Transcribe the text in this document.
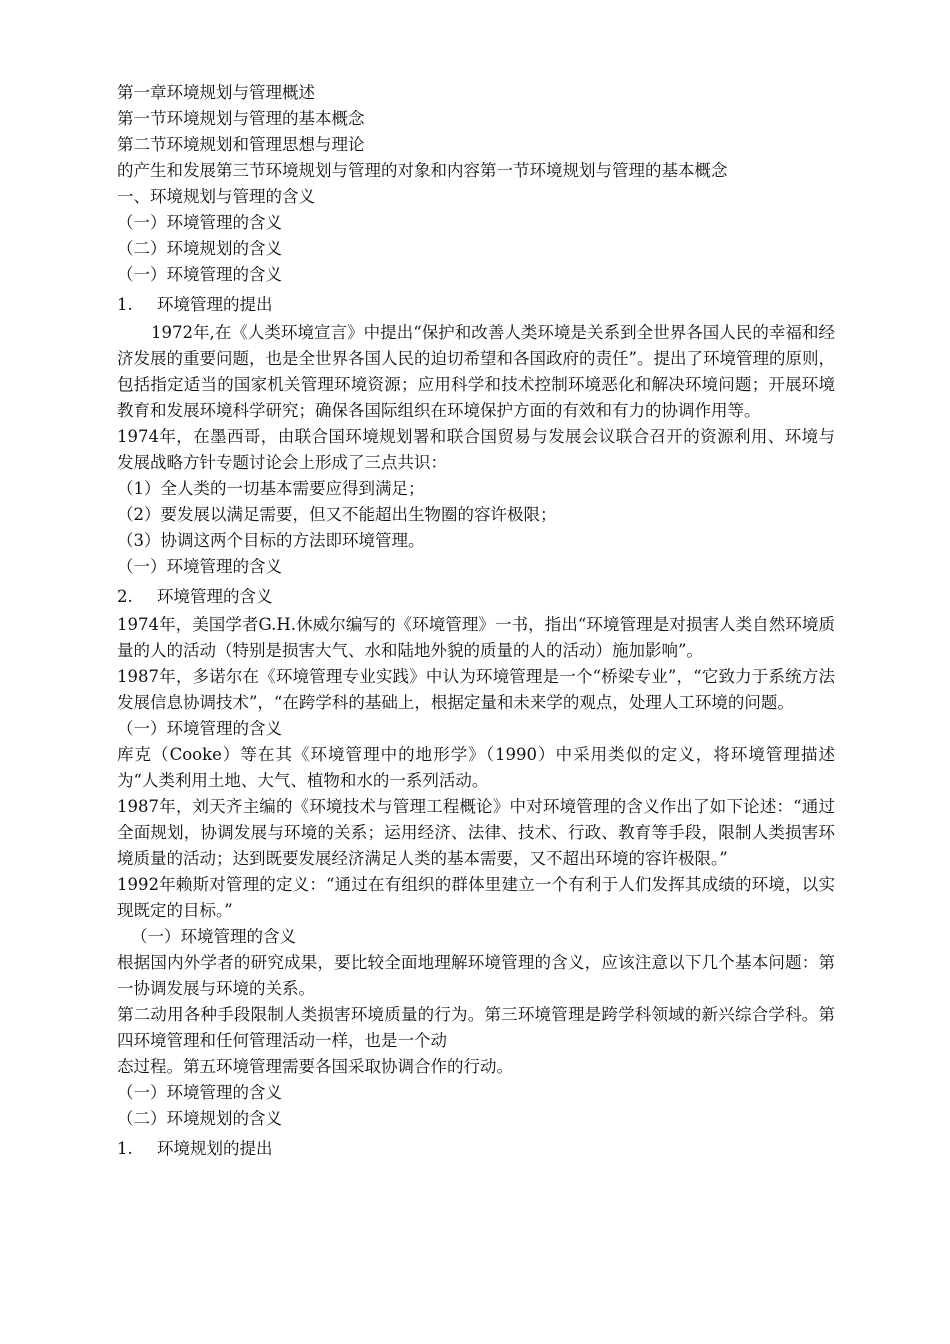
第一章环境规划与管理概述

第一节环境规划与管理的基本概念

第二节环境规划和管理思想与理论

的产生和发展第三节环境规划与管理的对象和内容第一节环境规划与管理的基本概念

一、环境规划与管理的含义

（一）环境管理的含义

（二）环境规划的含义

（一）环境管理的含义

1.	环境管理的提出

1972年,在《人类环境宣言》中提出“保护和改善人类环境是关系到全世界各国人民的幸福和经济发展的重要问题，也是全世界各国人民的迫切希望和各国政府的责任”。提出了环境管理的原则，包括指定适当的国家机关管理环境资源；应用科学和技术控制环境恶化和解决环境问题；开展环境教育和发展环境科学研究；确保各国际组织在环境保护方面的有效和有力的协调作用等。

1974年，在墨西哥，由联合国环境规划署和联合国贸易与发展会议联合召开的资源利用、环境与发展战略方针专题讨论会上形成了三点共识：

（1）全人类的一切基本需要应得到满足；

（2）要发展以满足需要，但又不能超出生物圈的容许极限；

（3）协调这两个目标的方法即环境管理。

（一）环境管理的含义

2.	环境管理的含义

1974年，美国学者G.H.休威尔编写的《环境管理》一书，指出“环境管理是对损害人类自然环境质量的人的活动（特别是损害大气、水和陆地外貌的质量的人的活动）施加影响”。

1987年，多诺尔在《环境管理专业实践》中认为环境管理是一个“桥梁专业”，“它致力于系统方法发展信息协调技术”，“在跨学科的基础上，根据定量和未来学的观点，处理人工环境的问题。

（一）环境管理的含义

库克（Cooke）等在其《环境管理中的地形学》（1990）中采用类似的定义，将环境管理描述为“人类利用土地、大气、植物和水的一系列活动。

1987年，刘天齐主编的《环境技术与管理工程概论》中对环境管理的含义作出了如下论述：“通过全面规划，协调发展与环境的关系；运用经济、法律、技术、行政、教育等手段，限制人类损害环境质量的活动；达到既要发展经济满足人类的基本需要，又不超出环境的容许极限。”

1992年赖斯对管理的定义：“通过在有组织的群体里建立一个有利于人们发挥其成绩的环境，以实现既定的目标。”

（一）环境管理的含义

根据国内外学者的研究成果，要比较全面地理解环境管理的含义，应该注意以下几个基本问题：第一协调发展与环境的关系。

第二动用各种手段限制人类损害环境质量的行为。第三环境管理是跨学科领域的新兴综合学科。第四环境管理和任何管理活动一样，也是一个动

态过程。第五环境管理需要各国采取协调合作的行动。

（一）环境管理的含义

（二）环境规划的含义

1.	环境规划的提出
